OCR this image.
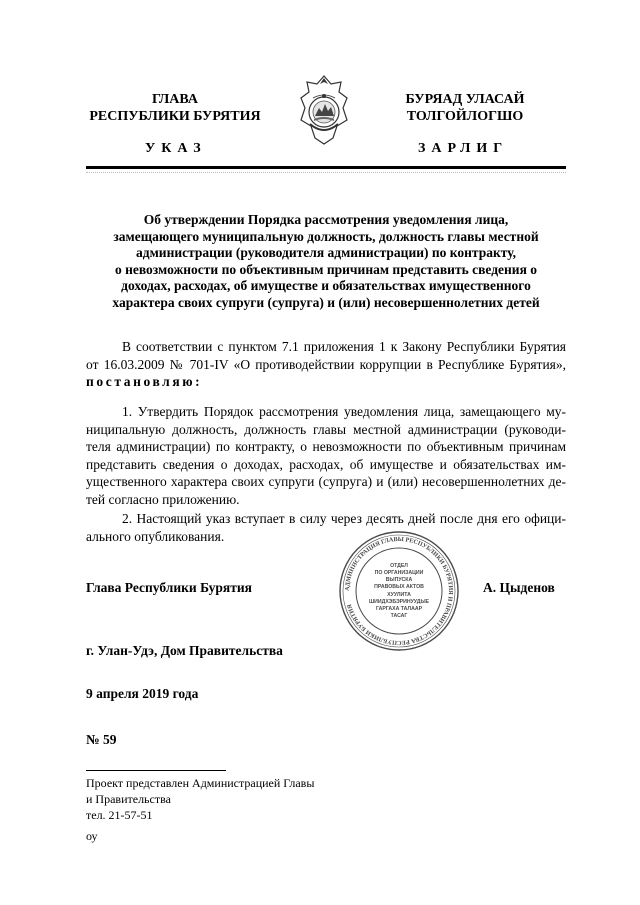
ГЛАВА
РЕСПУБЛИКИ БУРЯТИЯ
БУРЯАД УЛАСАЙ
ТОЛГОЙЛОГШО
УКАЗ	ЗАРЛИГ
Об утверждении Порядка рассмотрения уведомления лица,
замещающего муниципальную должность, должность главы местной
администрации (руководителя администрации) по контракту,
о невозможности по объективным причинам представить сведения о
доходах, расходах, об имуществе и обязательствах имущественного
характера своих супруги (супруга) и (или) несовершеннолетних детей
В соответствии с пунктом 7.1 приложения 1 к Закону Республики Бурятия
от 16.03.2009 № 701-IV «О противодействии коррупции в Республике Бурятия»,
постановляю:
1. Утвердить Порядок рассмотрения уведомления лица, замещающего му-
ниципальную должность, должность главы местной администрации (руководи-
теля администрации) по контракту, о невозможности по объективным причинам
представить сведения о доходах, расходах, об имуществе и обязательствах им-
ущественного характера своих супруги (супруга) и (или) несовершеннолетних де-
тей согласно приложению.
2. Настоящий указ вступает в силу через десять дней после дня его офици-
ального опубликования.
АДМИНИСТРАЦИЯ ГЛАВЫ РЕСПУБЛИКИ БУРЯТИЯ И ПРАВИТЕЛЬСТВА РЕСПУБЛИКИ БУРЯТИЯ
ОТДЕЛ
ПО ОРГАНИЗАЦИИ
ВЫПУСКА
ПРАВОВЫХ АКТОВ
ХУУЛИТА
ШИИДХЭБЭРИНУУДЫЕ
ГАРГАХА ТАЛААР
ТАСАГ
Глава Республики Бурятия	А. Цыденов
г. Улан-Удэ, Дом Правительства
9 апреля 2019 года
№ 59
Проект представлен Администрацией Главы
и Правительства
тел. 21-57-51
оу
